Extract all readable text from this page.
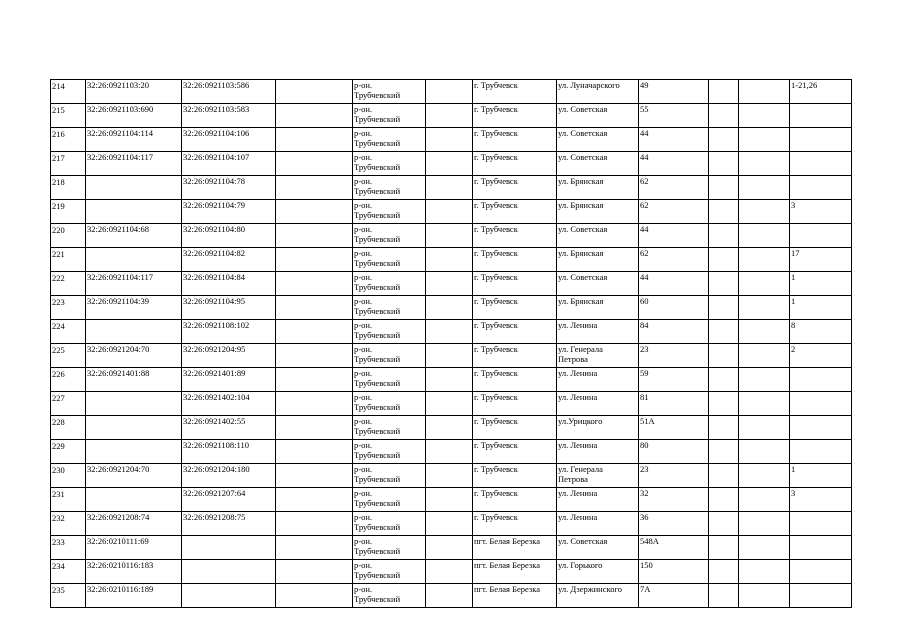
214	32:26:0921103:20	32:26:0921103:586		р-он.
Трубчевский		г. Трубчевск	ул. Луначарского	49			1-21,26
215	32:26:0921103:690	32:26:0921103:583		р-он.
Трубчевский		г. Трубчевск	ул. Советская	55			
216	32:26:0921104:114	32:26:0921104:106		р-он.
Трубчевский		г. Трубчевск	ул. Советская	44			
217	32:26:0921104:117	32:26:0921104:107		р-он.
Трубчевский		г. Трубчевск	ул. Советская	44			
218		32:26:0921104:78		р-он.
Трубчевский		г. Трубчевск	ул. Брянская	62			
219		32:26:0921104:79		р-он.
Трубчевский		г. Трубчевск	ул. Брянская	62			3
220	32:26:0921104:68	32:26:0921104:80		р-он.
Трубчевский		г. Трубчевск	ул. Советская	44			
221		32:26:0921104:82		р-он.
Трубчевский		г. Трубчевск	ул. Брянская	62			17
222	32:26:0921104:117	32:26:0921104:84		р-он.
Трубчевский		г. Трубчевск	ул. Советская	44			1
223	32:26:0921104:39	32:26:0921104:95		р-он.
Трубчевский		г. Трубчевск	ул. Брянская	60			1
224		32:26:0921108:102		р-он.
Трубчевский		г. Трубчевск	ул. Ленина	84			8
225	32:26:0921204:70	32:26:0921204:95		р-он.
Трубчевский		г. Трубчевск	ул. Генерала
Петрова	23			2
226	32:26:0921401:88	32:26:0921401:89		р-он.
Трубчевский		г. Трубчевск	ул. Ленина	59			
227		32:26:0921402:104		р-он.
Трубчевский		г. Трубчевск	ул. Ленина	81			
228		32:26:0921402:55		р-он.
Трубчевский		г. Трубчевск	ул.Урицкого	51А			
229		32:26:0921108:110		р-он.
Трубчевский		г. Трубчевск	ул. Ленина	80			
230	32:26:0921204:70	32:26:0921204:180		р-он.
Трубчевский		г. Трубчевск	ул. Генерала
Петрова	23			1
231		32:26:0921207:64		р-он.
Трубчевский		г. Трубчевск	ул. Ленина	32			3
232	32:26:0921208:74	32:26:0921208:75		р-он.
Трубчевский		г. Трубчевск	ул. Ленина	36			
233	32:26:0210111:69			р-он.
Трубчевский		пгт. Белая Березка	ул. Советская	548А			
234	32:26:0210116:183			р-он.
Трубчевский		пгт. Белая Березка	ул. Горького	150			
235	32:26:0210116:189			р-он.
Трубчевский		пгт. Белая Березка	ул. Дзержинского	7А			
